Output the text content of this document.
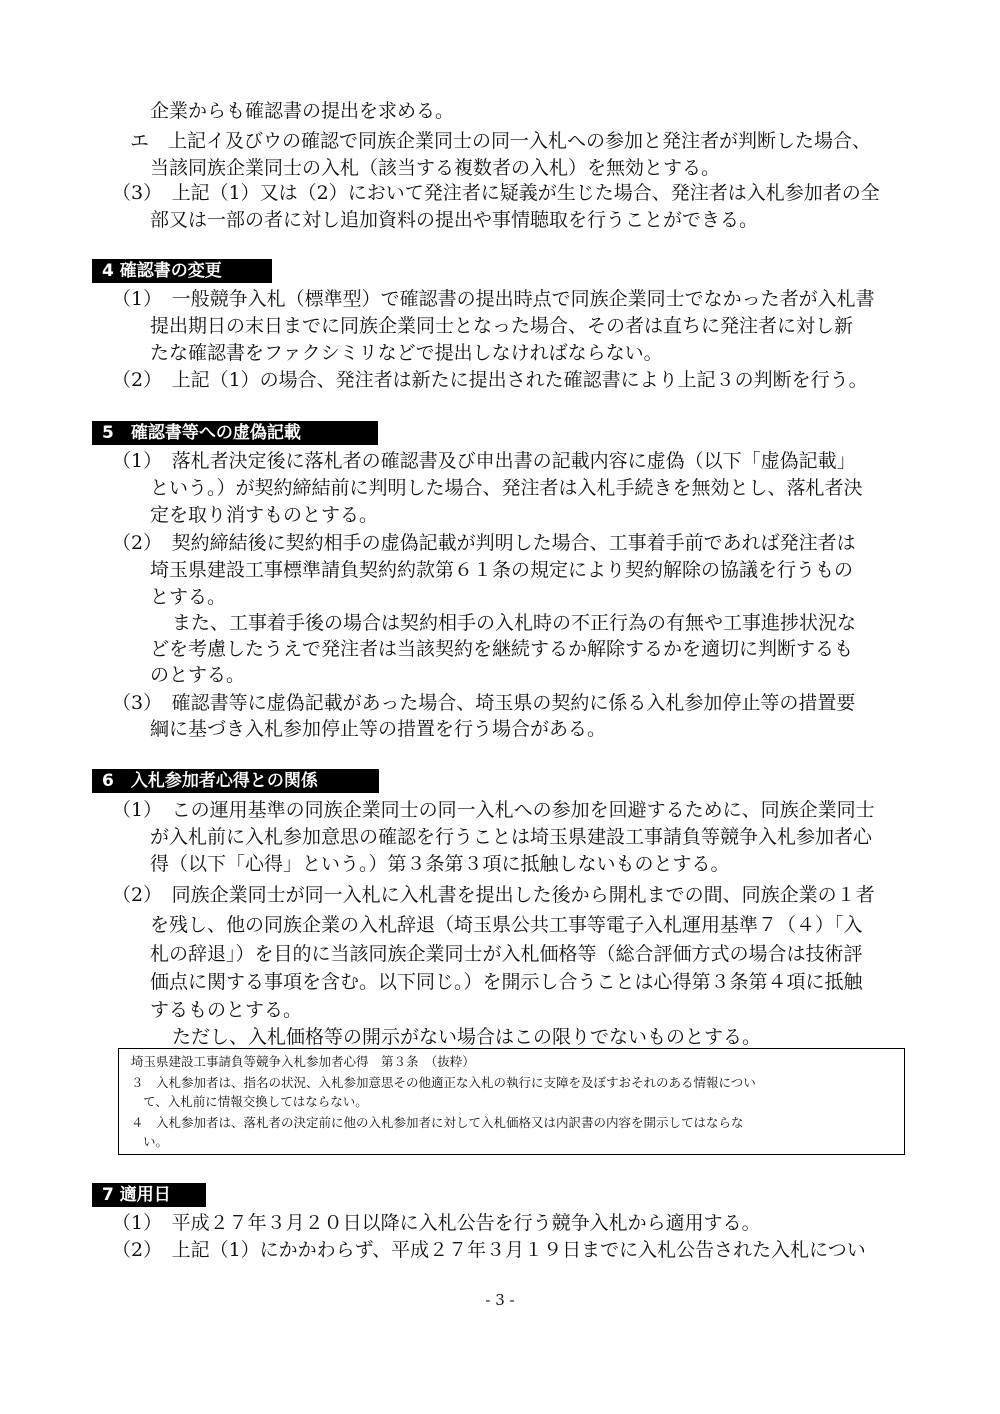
企業からも確認書の提出を求める。
エ　上記イ及びウの確認で同族企業同士の同一入札への参加と発注者が判断した場合、
当該同族企業同士の入札（該当する複数者の入札）を無効とする。
（3）　上記（1）又は（2）において発注者に疑義が生じた場合、発注者は入札参加者の全
部又は一部の者に対し追加資料の提出や事情聴取を行うことができる。
4 確認書の変更
（1）　一般競争入札（標準型）で確認書の提出時点で同族企業同士でなかった者が入札書
提出期日の末日までに同族企業同士となった場合、その者は直ちに発注者に対し新
たな確認書をファクシミリなどで提出しなければならない。
（2）　上記（1）の場合、発注者は新たに提出された確認書により上記３の判断を行う。
5　確認書等への虚偽記載
（1）　落札者決定後に落札者の確認書及び申出書の記載内容に虚偽（以下「虚偽記載」
という。）が契約締結前に判明した場合、発注者は入札手続きを無効とし、落札者決
定を取り消すものとする。
（2）　契約締結後に契約相手の虚偽記載が判明した場合、工事着手前であれば発注者は
埼玉県建設工事標準請負契約約款第６１条の規定により契約解除の協議を行うもの
とする。
また、工事着手後の場合は契約相手の入札時の不正行為の有無や工事進捗状況な
どを考慮したうえで発注者は当該契約を継続するか解除するかを適切に判断するも
のとする。
（3）　確認書等に虚偽記載があった場合、埼玉県の契約に係る入札参加停止等の措置要
綱に基づき入札参加停止等の措置を行う場合がある。
6　入札参加者心得との関係
（1）　この運用基準の同族企業同士の同一入札への参加を回避するために、同族企業同士
が入札前に入札参加意思の確認を行うことは埼玉県建設工事請負等競争入札参加者心
得（以下「心得」という。）第３条第３項に抵触しないものとする。
（2）　同族企業同士が同一入札に入札書を提出した後から開札までの間、同族企業の１者
を残し、他の同族企業の入札辞退（埼玉県公共工事等電子入札運用基準７（４）「入
札の辞退」）を目的に当該同族企業同士が入札価格等（総合評価方式の場合は技術評
価点に関する事項を含む。以下同じ。）を開示し合うことは心得第３条第４項に抵触
するものとする。
ただし、入札価格等の開示がない場合はこの限りでないものとする。
埼玉県建設工事請負等競争入札参加者心得　第３条　（抜粋）
３　入札参加者は、指名の状況、入札参加意思その他適正な入札の執行に支障を及ぼすおそれのある情報につい
て、入札前に情報交換してはならない。
４　入札参加者は、落札者の決定前に他の入札参加者に対して入札価格又は内訳書の内容を開示してはならな
い。
7 適用日
（1）　平成２７年３月２０日以降に入札公告を行う競争入札から適用する。
（2）　上記（1）にかかわらず、平成２７年３月１９日までに入札公告された入札につい
- 3 -
